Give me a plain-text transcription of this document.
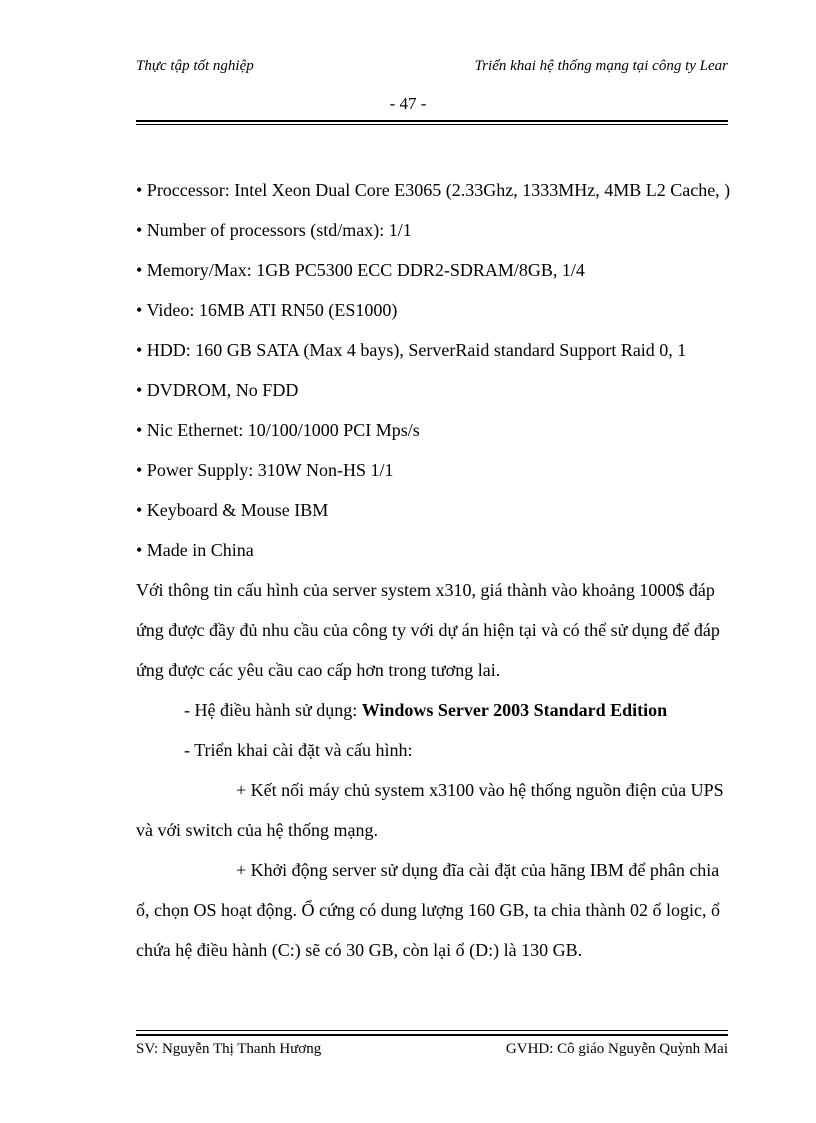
Thực tập tốt nghiệp	Triển khai hệ thống mạng tại công ty Lear
- 47 -

• Proccessor: Intel Xeon Dual Core E3065 (2.33Ghz, 1333MHz, 4MB L2 Cache, )

• Number of processors (std/max): 1/1

• Memory/Max: 1GB PC5300 ECC DDR2-SDRAM/8GB, 1/4

• Video: 16MB ATI RN50 (ES1000)

• HDD: 160 GB SATA (Max 4 bays), ServerRaid standard Support Raid 0, 1

• DVDROM, No FDD

• Nic Ethernet: 10/100/1000 PCI Mps/s

• Power Supply: 310W Non-HS 1/1

• Keyboard & Mouse IBM

• Made in China

Với thông tin cấu hình của server system x310, giá thành vào khoảng 1000$ đáp ứng được đầy đủ nhu cầu của công ty với dự án hiện tại và có thể sử dụng để đáp ứng được các yêu cầu cao cấp hơn trong tương lai.

- Hệ điều hành sử dụng: Windows Server 2003 Standard Edition

- Triển khai cài đặt và cấu hình:

+ Kết nối máy chủ system x3100 vào hệ thống nguồn điện của UPS và với switch của hệ thống mạng.

+ Khởi động server sử dụng đĩa cài đặt của hãng IBM để phân chia ổ, chọn OS hoạt động. Ổ cứng có dung lượng 160 GB, ta chia thành 02 ổ logic, ổ chứa hệ điều hành (C:) sẽ có 30 GB, còn lại ổ (D:) là 130 GB.

SV: Nguyễn Thị Thanh Hương	GVHD: Cô giáo Nguyễn Quỳnh Mai
